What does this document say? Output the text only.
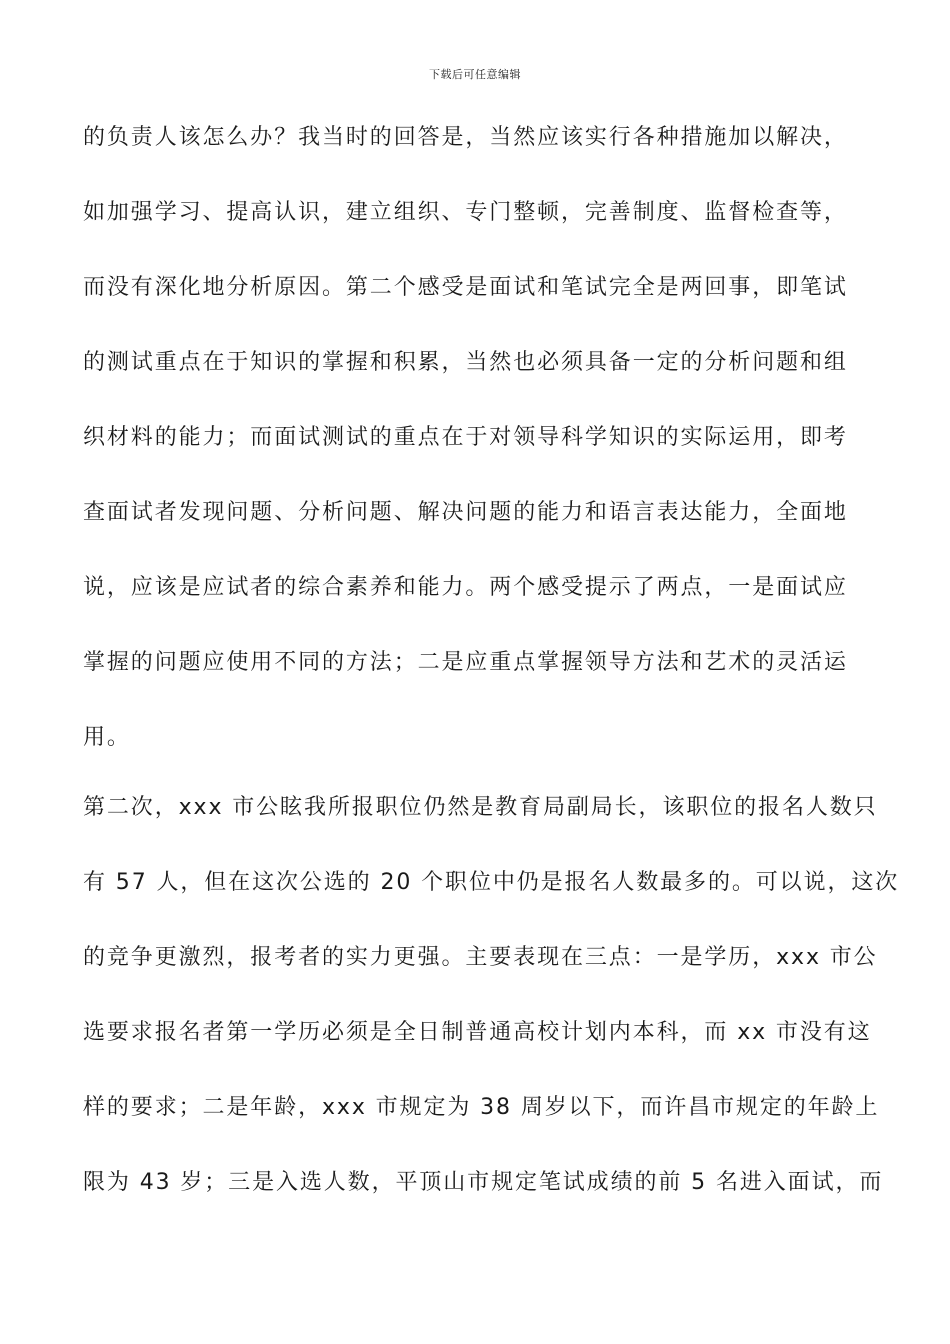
下载后可任意编辑

的负责人该怎么办？我当时的回答是，当然应该实行各种措施加以解决，
如加强学习、提高认识，建立组织、专门整顿，完善制度、监督检查等，
而没有深化地分析原因。第二个感受是面试和笔试完全是两回事，即笔试
的测试重点在于知识的掌握和积累，当然也必须具备一定的分析问题和组
织材料的能力；而面试测试的重点在于对领导科学知识的实际运用，即考
查面试者发现问题、分析问题、解决问题的能力和语言表达能力，全面地
说，应该是应试者的综合素养和能力。两个感受提示了两点，一是面试应
掌握的问题应使用不同的方法；二是应重点掌握领导方法和艺术的灵活运
用。

第二次，xxx 市公眩我所报职位仍然是教育局副局长，该职位的报名人数只
有 57 人，但在这次公选的 20 个职位中仍是报名人数最多的。可以说，这次
的竞争更激烈，报考者的实力更强。主要表现在三点：一是学历，xxx 市公
选要求报名者第一学历必须是全日制普通高校计划内本科，而 xx 市没有这
样的要求；二是年龄，xxx 市规定为 38 周岁以下，而许昌市规定的年龄上
限为 43 岁；三是入选人数，平顶山市规定笔试成绩的前 5 名进入面试，而
